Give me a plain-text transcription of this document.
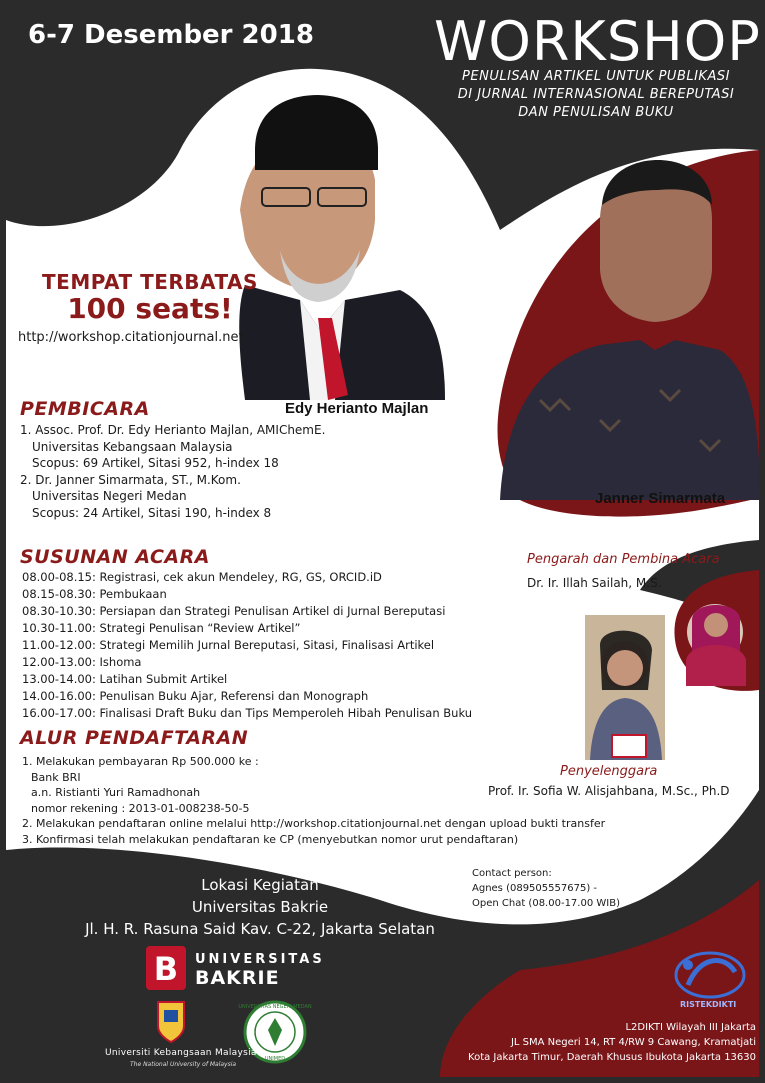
B
UNIVERSITAS NEGERI MEDAN
UNIMED
6-7 Desember 2018 WORKSHOP
PENULISAN ARTIKEL UNTUK PUBLIKASI
DI JURNAL INTERNASIONAL BEREPUTASI
DAN PENULISAN BUKU
TEMPAT TERBATAS
100 seats!
http://workshop.citationjournal.net
Edy Herianto Majlan
Janner Simarmata
PEMBICARA
1. Assoc. Prof. Dr. Edy Herianto Majlan, AMIChemE.
Universitas Kebangsaan Malaysia
Scopus: 69 Artikel, Sitasi 952, h-index 18
2. Dr. Janner Simarmata, ST., M.Kom.
Universitas Negeri Medan
Scopus: 24 Artikel, Sitasi 190, h-index 8
SUSUNAN ACARA
08.00-08.15: Registrasi, cek akun Mendeley, RG, GS, ORCID.iD
08.15-08.30: Pembukaan
08.30-10.30: Persiapan dan Strategi Penulisan Artikel di Jurnal Bereputasi
10.30-11.00: Strategi Penulisan “Review Artikel”
11.00-12.00: Strategi Memilih Jurnal Bereputasi, Sitasi, Finalisasi Artikel
12.00-13.00: Ishoma
13.00-14.00: Latihan Submit Artikel
14.00-16.00: Penulisan Buku Ajar, Referensi dan Monograph
16.00-17.00: Finalisasi Draft Buku dan Tips Memperoleh Hibah Penulisan Buku
Pengarah dan Pembina Acara
Dr. Ir. Illah Sailah, M.S.
ALUR PENDAFTARAN
1. Melakukan pembayaran Rp 500.000 ke :
Bank BRI
a.n. Ristianti Yuri Ramadhonah
nomor rekening : 2013-01-008238-50-5
2. Melakukan pendaftaran online melalui http://workshop.citationjournal.net dengan upload bukti transfer
3. Konfirmasi telah melakukan pendaftaran ke CP (menyebutkan nomor urut pendaftaran)
Penyelenggara
Prof. Ir. Sofia W. Alisjahbana, M.Sc., Ph.D
Contact person:
Agnes (089505557675) -
Open Chat (08.00-17.00 WIB)
Lokasi Kegiatan
Universitas Bakrie
Jl. H. R. Rasuna Said Kav. C-22, Jakarta Selatan
UNIVERSITAS
BAKRIE
Universiti Kebangsaan Malaysia
The National University of Malaysia
RISTEKDIKTI
L2DIKTI Wilayah III Jakarta
JL SMA Negeri 14, RT 4/RW 9 Cawang, Kramatjati
Kota Jakarta Timur, Daerah Khusus Ibukota Jakarta 13630
